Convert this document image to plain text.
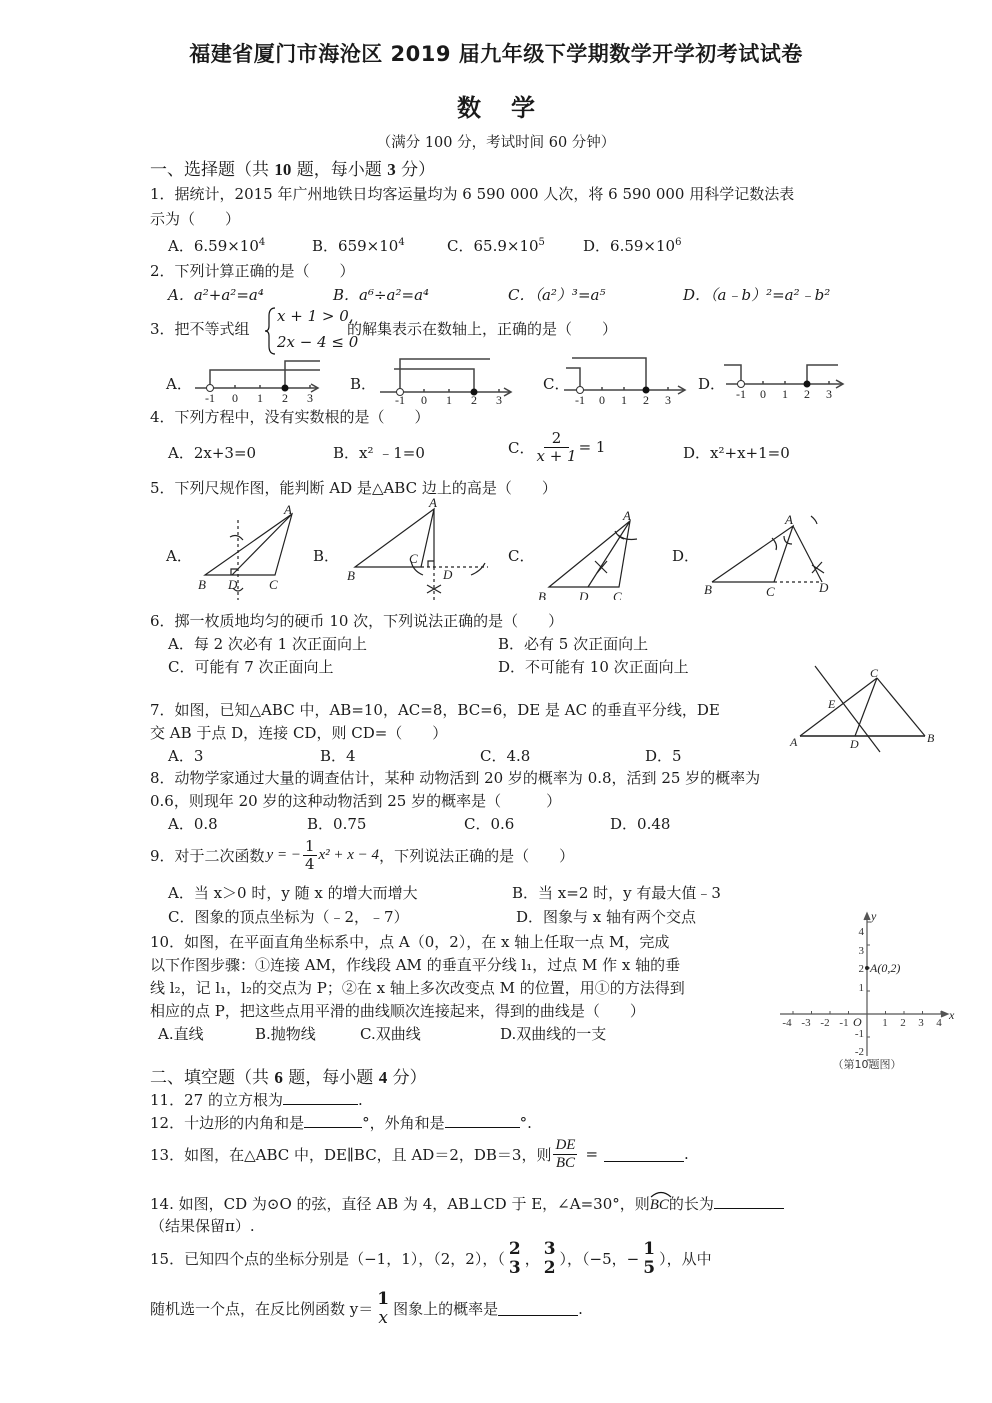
福建省厦门市海沧区 2019 届九年级下学期数学开学初考试试卷
数学
（满分 100 分，考试时间 60 分钟）
一、选择题（共 10 题，每小题 3 分）
1．据统计，2015 年广州地铁日均客运量均为 6 590 000 人次，将 6 590 000 用科学记数法表
示为（　　）
A．$6.59\times 10^4$	B．$659\times 10^4$	C．$65.9\times 10^5$	D．$6.59\times 10^6$
2．下列计算正确的是（　　）
A．a²+a²=a⁴	B．a⁶÷a²=a⁴	C．（a²）³=a⁵	D．（a﹣b）²=a²﹣b²
3．把不等式组
x + 1 > 0,
2x − 4 ≤ 0
的解集表示在数轴上，正确的是（　　）
A．	B．	C．	D．
-1 0 1 2 3	-1 0 1 2 3	-1 0 1 2 3	-1 0 1 2 3
4．下列方程中，没有实数根的是（　　）
A．2x+3=0	B．x² ﹣1=0	C． $\frac{2}{x + 1} = 1$	D．x²+x+1=0
5．下列尺规作图，能判断 AD 是△ABC 边上的高是（　　）
A．	B．	C．	D．
A
B	C
D
A
B
C
D
A
B	C
D
A
B	C	D
6．掷一枚质地均匀的硬币 10 次，下列说法正确的是（　　）
A．每 2 次必有 1 次正面向上	B．必有 5 次正面向上
C．可能有 7 次正面向上	D．不可能有 10 次正面向上
7．如图，已知△ABC 中，AB=10，AC=8，BC=6，DE 是 AC 的垂直平分线，DE
交 AB 于点 D，连接 CD，则 CD=（　　）
A．3	B．4	C．4.8	D．5
A	B
C
D
E
8．动物学家通过大量的调查估计，某种 动物活到 20 岁的概率为 0.8，活到 25 岁的概率为
0.6，则现年 20 岁的这种动物活到 25 岁的概率是（　　　）
A．0.8	B．0.75	C．0.6	D．0.48
9．对于二次函数 y = − $\frac{1}{4} x^2 + x - 4$ ，下列说法正确的是（　　）
A．当 x＞0 时，y 随 x 的增大而增大	B．当 x=2 时，y 有最大值﹣3
C．图象的顶点坐标为（﹣2，﹣7）	D．图象与 x 轴有两个交点
10．如图，在平面直角坐标系中，点 A（0，2），在 x 轴上任取一点 M，完成
以下作图步骤：①连接 AM，作线段 AM 的垂直平分线 l₁，过点 M 作 x 轴的垂
线 l₂，记 l₁，l₂的交点为 P；②在 x 轴上多次改变点 M 的位置，用①的方法得到
相应的点 P，把这些点用平滑的曲线顺次连接起来，得到的曲线是（　　）
A.直线	B.抛物线	C.双曲线	D.双曲线的一支
-4 -3 -2 -1	1 2 3 4
4
3
2
1
-1
-2
O	x
y
A(0,2)
（第10题图）
二、填空题（共 6 题，每小题 4 分）
11．27 的立方根为	.
12．十边形的内角和是	°，外角和是	°.
13．如图，在△ABC 中，DE∥BC，且 AD＝2，DB＝3，则 $\frac{DE}{BC}$ =	.
14. 如图，CD 为⊙O 的弦，直径 AB 为 4，AB⊥CD 于 E，∠A=30°，则BC
的长为
（结果保留π）.
15．已知四个点的坐标分别是（−1，1），（2，2），（
2
3 ，
3
2 ），（−5，−
1
5 ），从中
随机选一个点，在反比例函数 y＝
1
x 图象上的概率是	.
